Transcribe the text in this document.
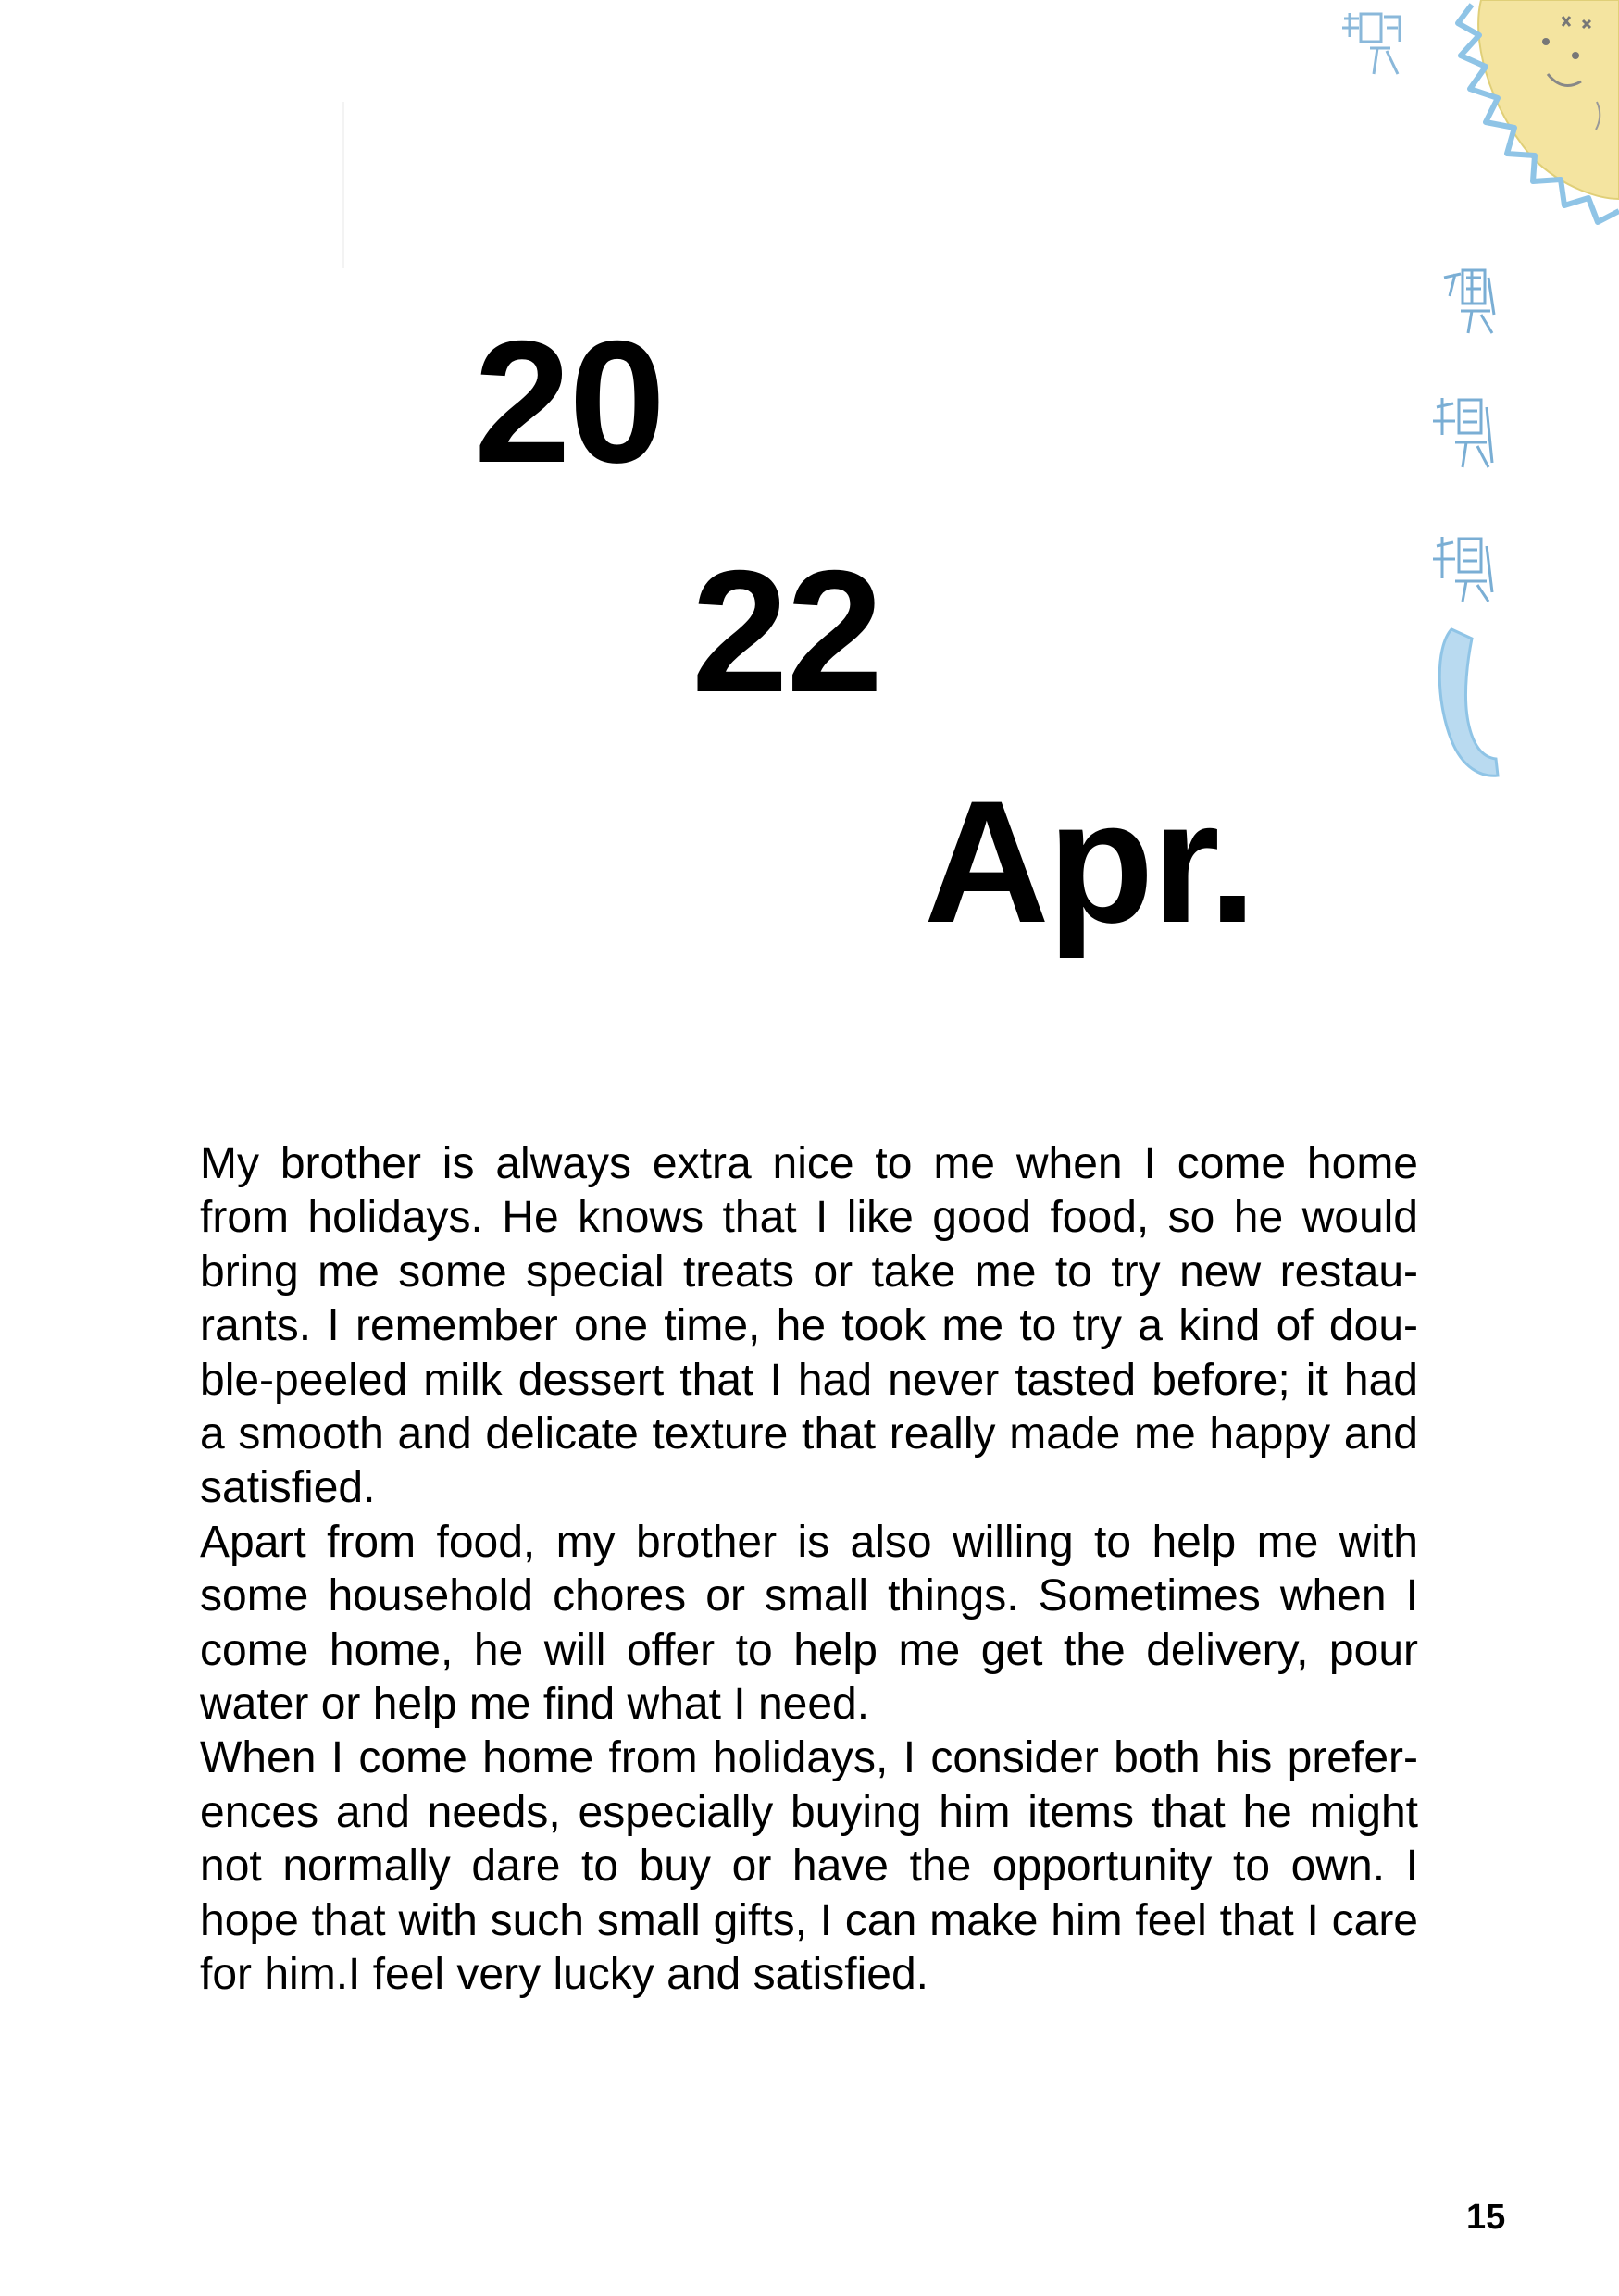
20
22
Apr.

My brother is always extra nice to me when I come home from holidays. He knows that I like good food, so he would bring me some special treats or take me to try new restaurants. I remember one time, he took me to try a kind of double-peeled milk dessert that I had never tasted before; it had a smooth and delicate texture that really made me happy and satisfied.

Apart from food, my brother is also willing to help me with some household chores or small things. Sometimes when I come home, he will offer to help me get the delivery, pour water or help me find what I need.

When I come home from holidays, I consider both his preferences and needs, especially buying him items that he might not normally dare to buy or have the opportunity to own. I hope that with such small gifts, I can make him feel that I care for him.I feel very lucky and satisfied.

15
